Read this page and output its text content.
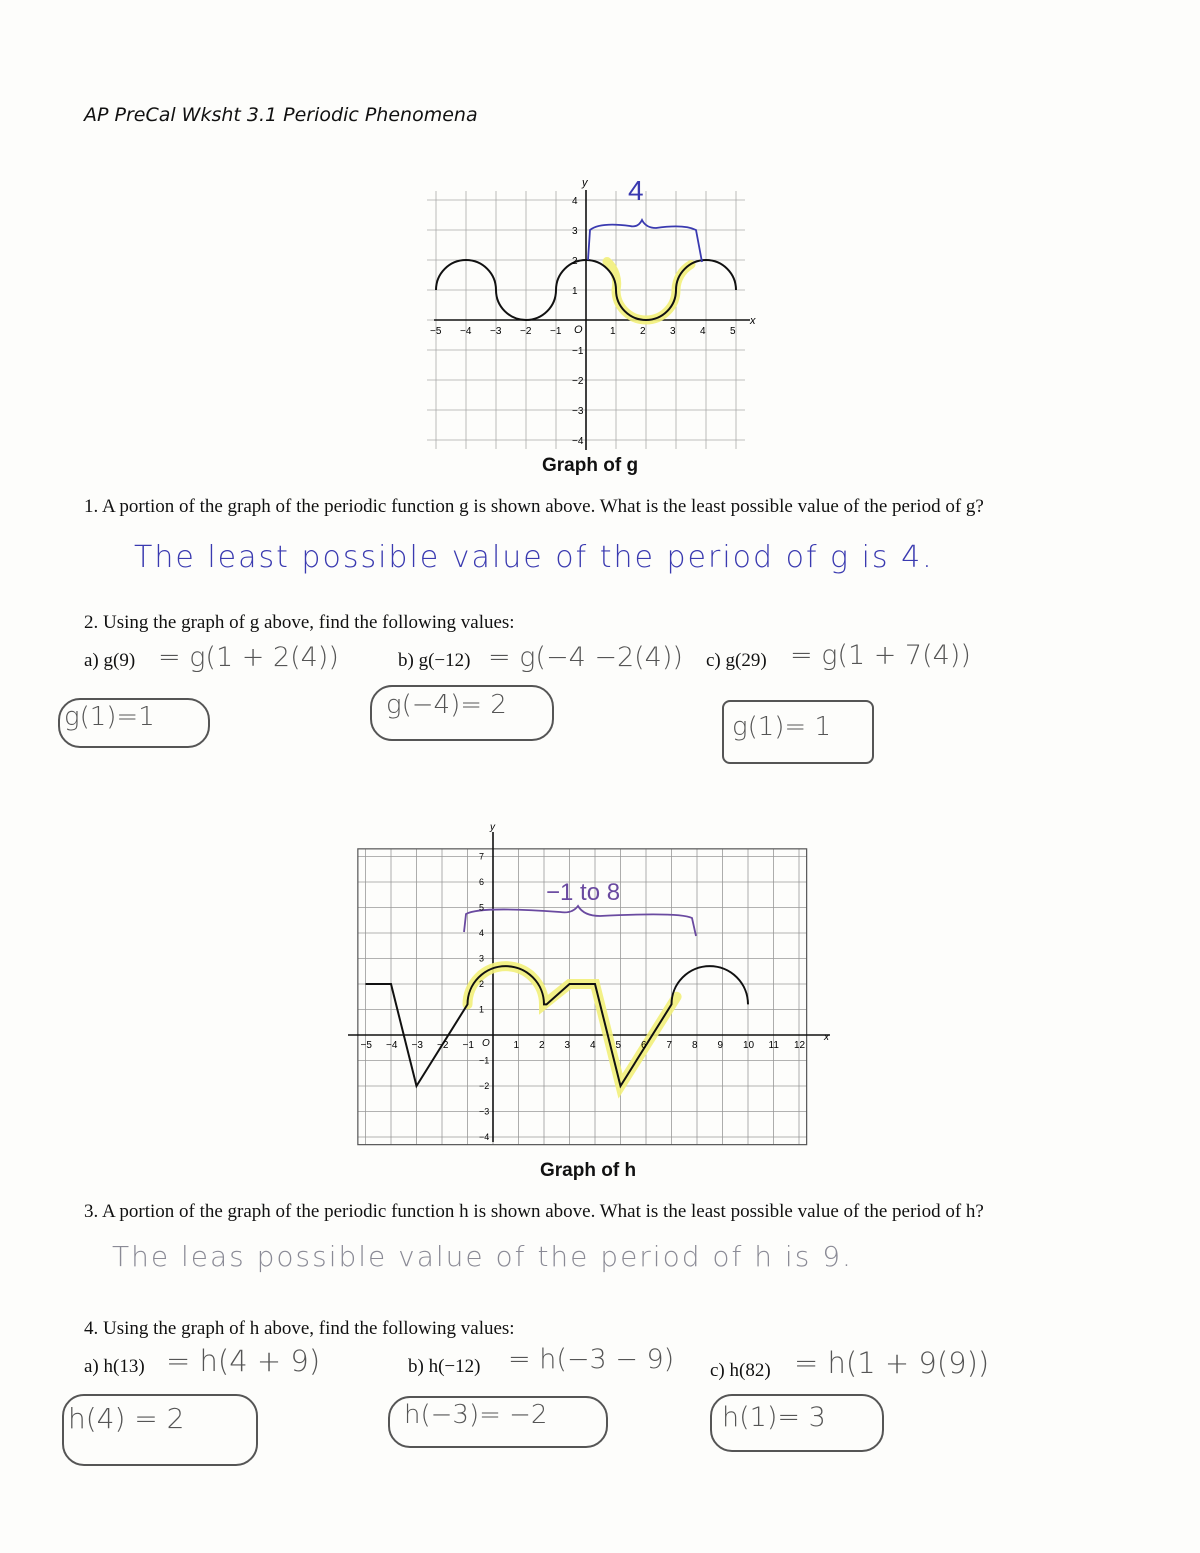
AP PreCal Wksht 3.1 Periodic Phenomena
4
y
x
O
−5 −4 −3 −2 −1	1 2 3 4 5
4
3
2
1
−1
−2
−3
−4
Graph of g
1. A portion of the graph of the periodic function g is shown above. What is the least possible value of the period of g?
The least possible value of the period of g is 4.
2. Using the graph of g above, find the following values:
a) g(9) = g(1 + 2(4))
g(1)=1
b) g(−12) = g(−4 −2(4))
g(−4)= 2
c) g(29) = g(1 + 7(4))
g(1)= 1
−1 to 8
y
x
O
−5 −4 −3 −2 −1	1 2 3 4 5 6 7 8 9 10 11 12
7
6
5
4
3
2
1
−1
−2
−3
−4
Graph of h
3. A portion of the graph of the periodic function h is shown above. What is the least possible value of the period of h?
The leas possible value of the period of h is 9.
4. Using the graph of h above, find the following values:
a) h(13) = h(4 + 9)
h(4) = 2
b) h(−12) = h(−3 − 9)
h(−3)= −2
c) h(82) = h(1 + 9(9))
h(1)= 3
